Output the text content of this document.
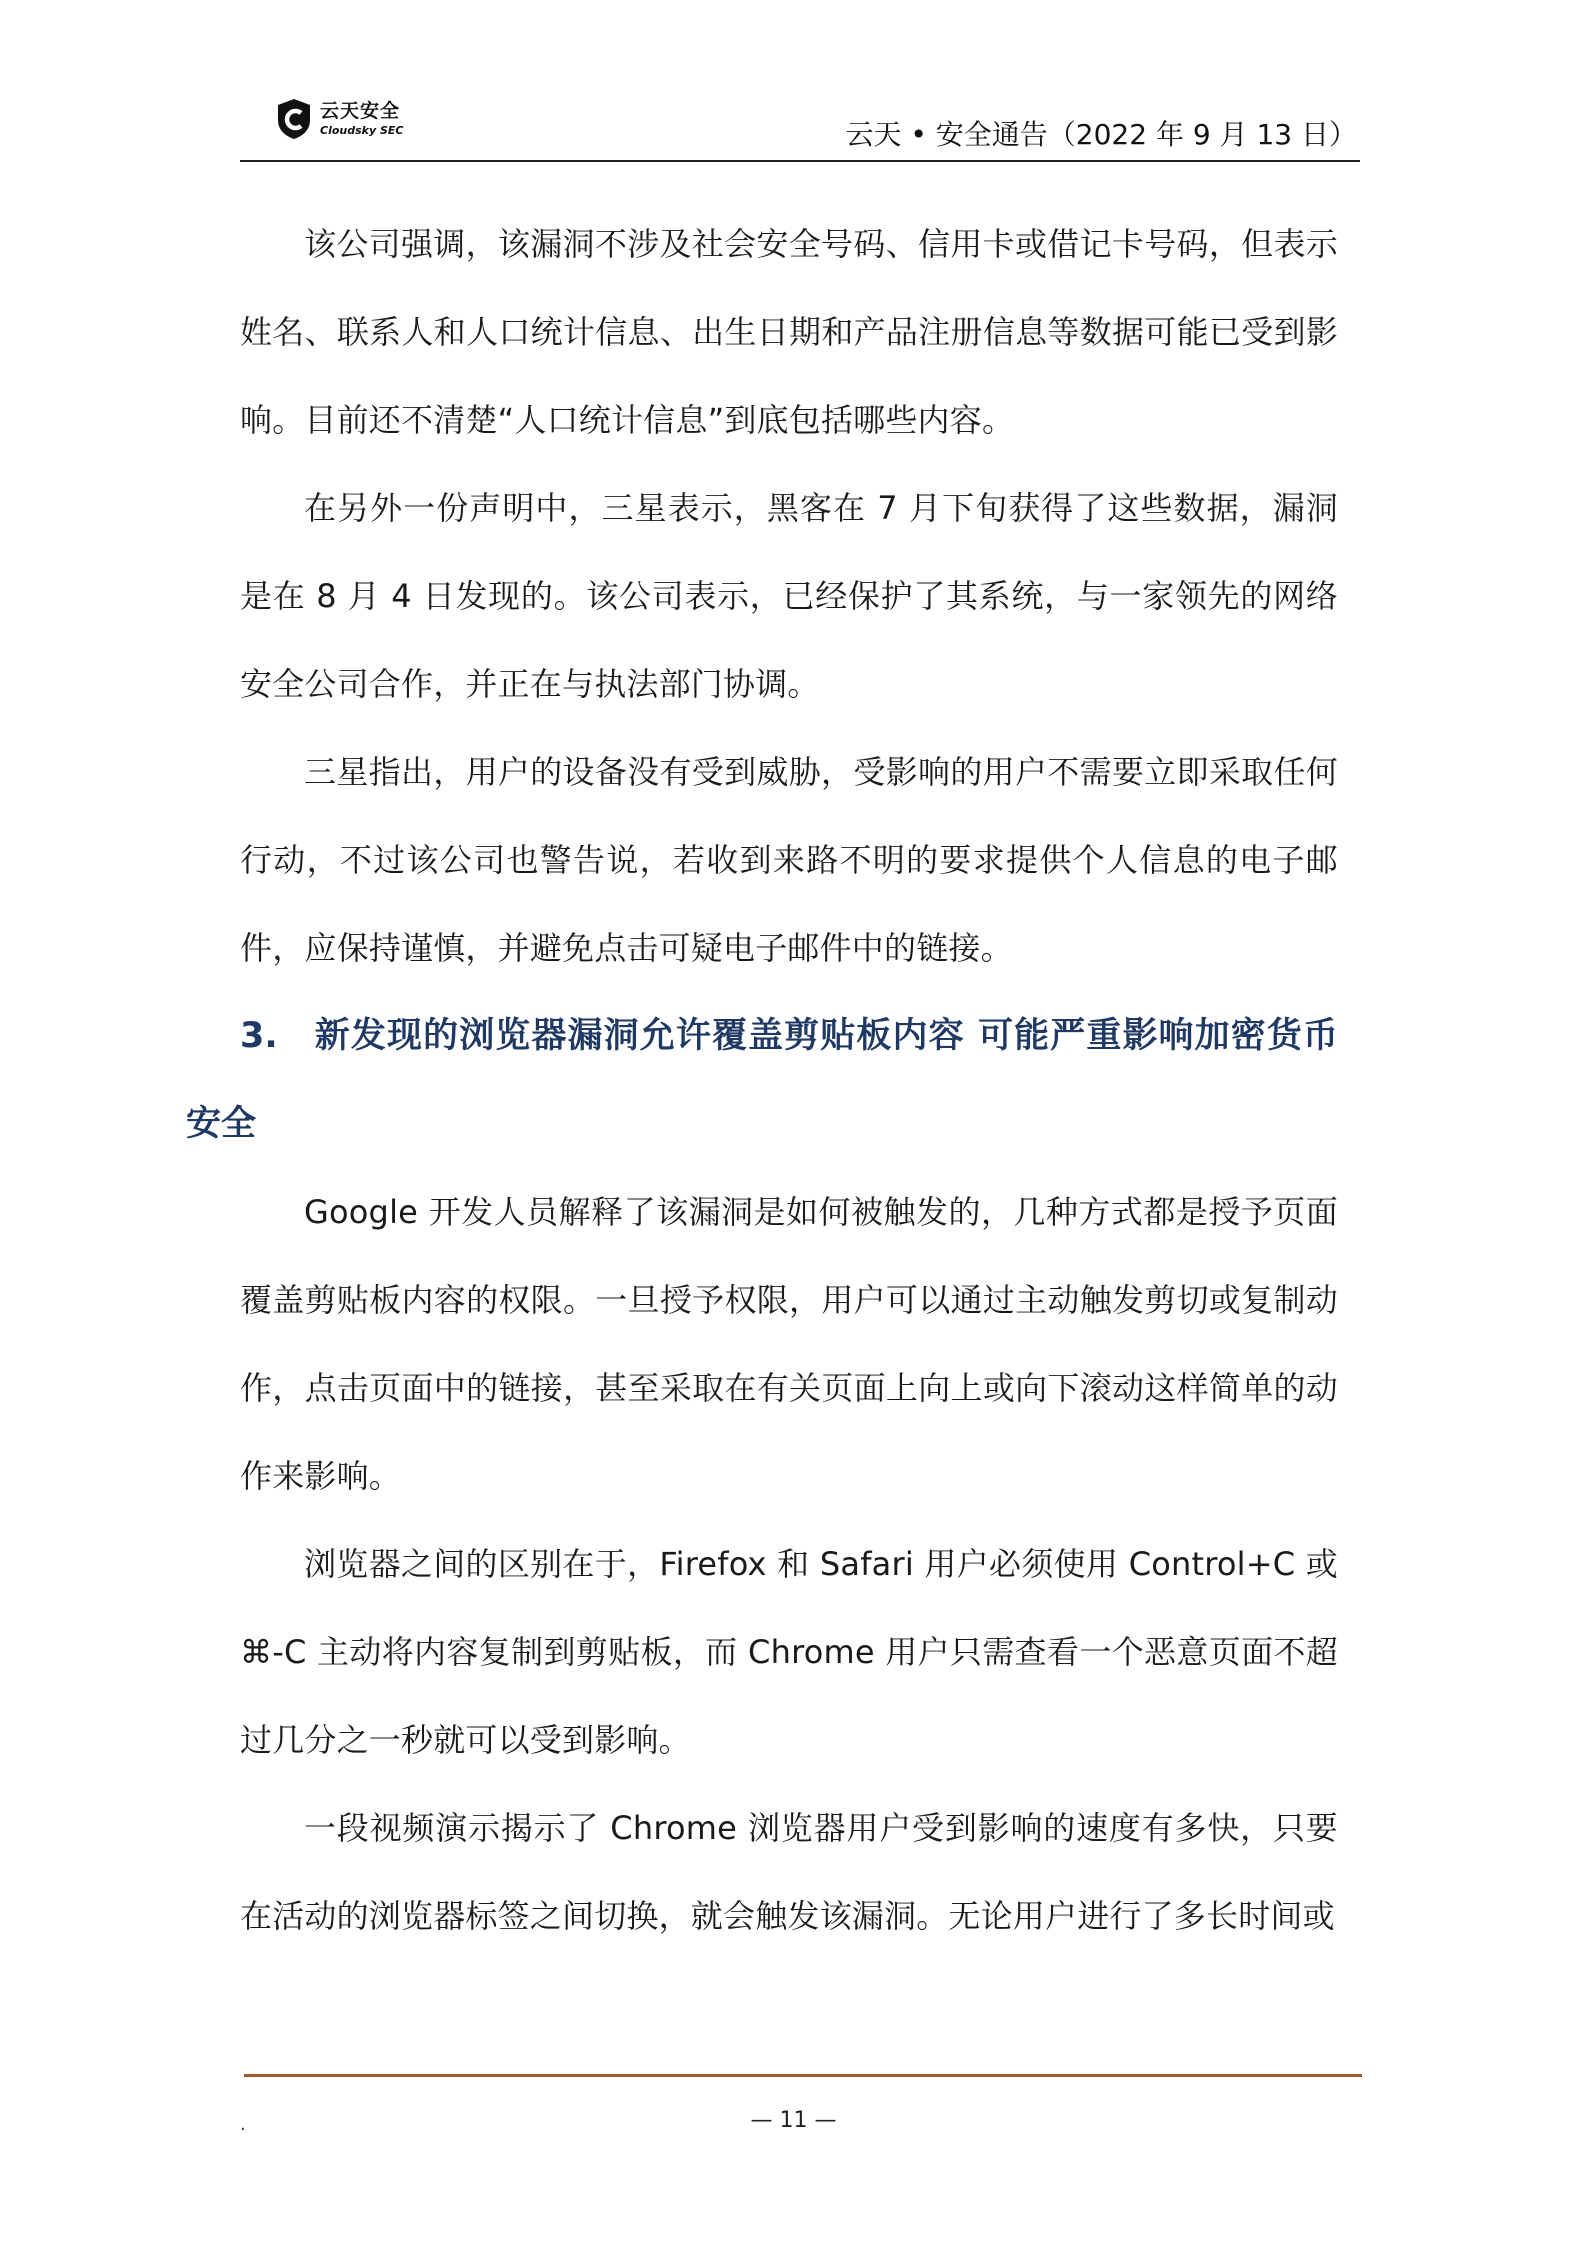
云天安全
Cloudsky SEC	云天 • 安全通告（2022 年 9 月 13 日）

该公司强调，该漏洞不涉及社会安全号码、信用卡或借记卡号码，但表示姓名、联系人和人口统计信息、出生日期和产品注册信息等数据可能已受到影响。目前还不清楚“人口统计信息”到底包括哪些内容。

在另外一份声明中，三星表示，黑客在 7 月下旬获得了这些数据，漏洞是在 8 月 4 日发现的。该公司表示，已经保护了其系统，与一家领先的网络安全公司合作，并正在与执法部门协调。

三星指出，用户的设备没有受到威胁，受影响的用户不需要立即采取任何行动，不过该公司也警告说，若收到来路不明的要求提供个人信息的电子邮件，应保持谨慎，并避免点击可疑电子邮件中的链接。

3. 新发现的浏览器漏洞允许覆盖剪贴板内容 可能严重影响加密货币安全

Google 开发人员解释了该漏洞是如何被触发的，几种方式都是授予页面覆盖剪贴板内容的权限。一旦授予权限，用户可以通过主动触发剪切或复制动作，点击页面中的链接，甚至采取在有关页面上向上或向下滚动这样简单的动作来影响。

浏览器之间的区别在于，Firefox 和 Safari 用户必须使用 Control+C 或 ⌘-C 主动将内容复制到剪贴板，而 Chrome 用户只需查看一个恶意页面不超过几分之一秒就可以受到影响。

一段视频演示揭示了 Chrome 浏览器用户受到影响的速度有多快，只要在活动的浏览器标签之间切换，就会触发该漏洞。无论用户进行了多长时间或

.	— 11 —
